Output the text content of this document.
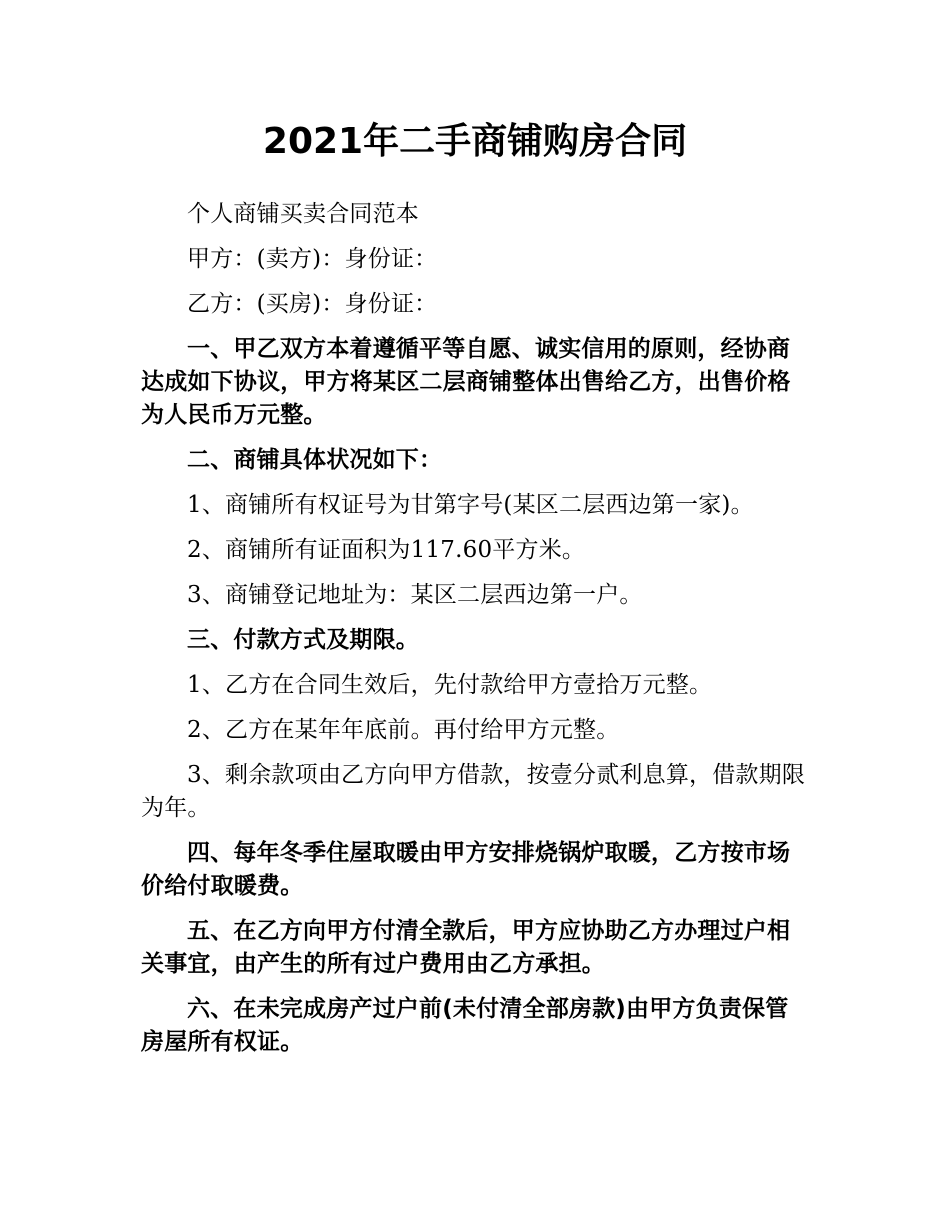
2021年二手商铺购房合同

个人商铺买卖合同范本

甲方：(卖方)：身份证：

乙方：(买房)：身份证：

一、甲乙双方本着遵循平等自愿、诚实信用的原则，经协商达成如下协议，甲方将某区二层商铺整体出售给乙方，出售价格为人民币万元整。

二、商铺具体状况如下：

1、商铺所有权证号为甘第字号(某区二层西边第一家)。

2、商铺所有证面积为117.60平方米。

3、商铺登记地址为：某区二层西边第一户。

三、付款方式及期限。

1、乙方在合同生效后，先付款给甲方壹拾万元整。

2、乙方在某年年底前。再付给甲方元整。

3、剩余款项由乙方向甲方借款，按壹分贰利息算，借款期限为年。

四、每年冬季住屋取暖由甲方安排烧锅炉取暖，乙方按市场价给付取暖费。

五、在乙方向甲方付清全款后，甲方应协助乙方办理过户相关事宜，由产生的所有过户费用由乙方承担。

六、在未完成房产过户前(未付清全部房款)由甲方负责保管房屋所有权证。
